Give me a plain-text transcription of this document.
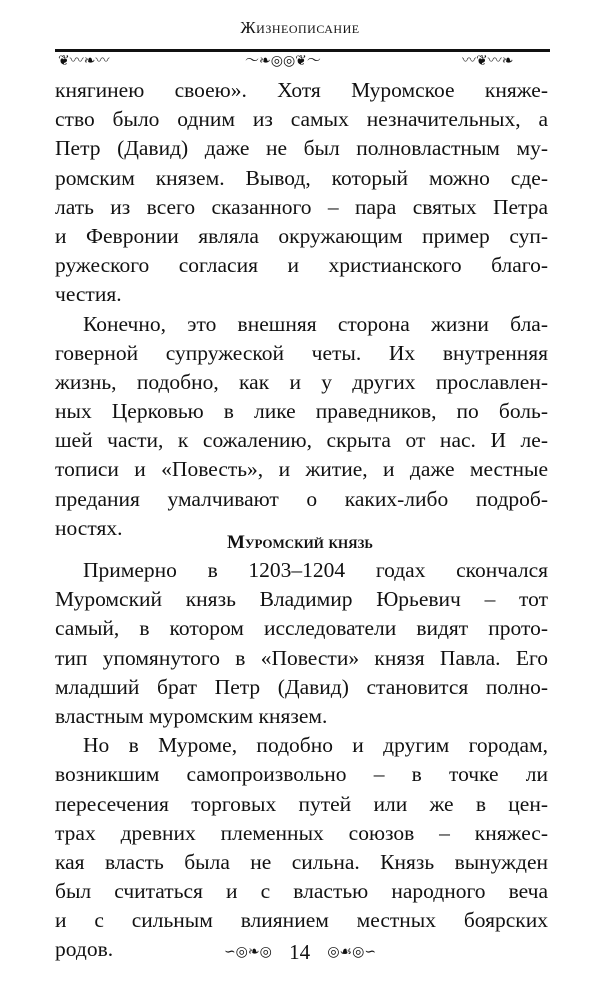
Жизнеописание
❦〰︎❧〰	〜❧◎◎❦〜	〰❦〰︎❧
княгинею своею». Хотя Муромское княже-
ство было одним из самых незначительных, а
Петр (Давид) даже не был полновластным му-
ромским князем. Вывод, который можно сде-
лать из всего сказанного – пара святых Петра
и Февронии являла окружающим пример суп-
ружеского согласия и христианского благо-
честия.
Конечно, это внешняя сторона жизни бла-
говерной супружеской четы. Их внутренняя
жизнь, подобно, как и у других прославлен-
ных Церковью в лике праведников, по боль-
шей части, к сожалению, скрыта от нас. И ле-
тописи и «Повесть», и житие, и даже местные
предания умалчивают о каких-либо подроб-
ностях.
Муромский князь
Примерно в 1203–1204 годах скончался
Муромский князь Владимир Юрьевич – тот
самый, в котором исследователи видят прото-
тип упомянутого в «Повести» князя Павла. Его
младший брат Петр (Давид) становится полно-
властным муромским князем.
Но в Муроме, подобно и другим городам,
возникшим самопроизвольно – в точке ли
пересечения торговых путей или же в цен-
трах древних племенных союзов – княжес-
кая власть была не сильна. Князь вынужден
был считаться и с властью народного веча
и с сильным влиянием местных боярских
родов.	∽◎❧◎ 14 ◎☙◎∽
